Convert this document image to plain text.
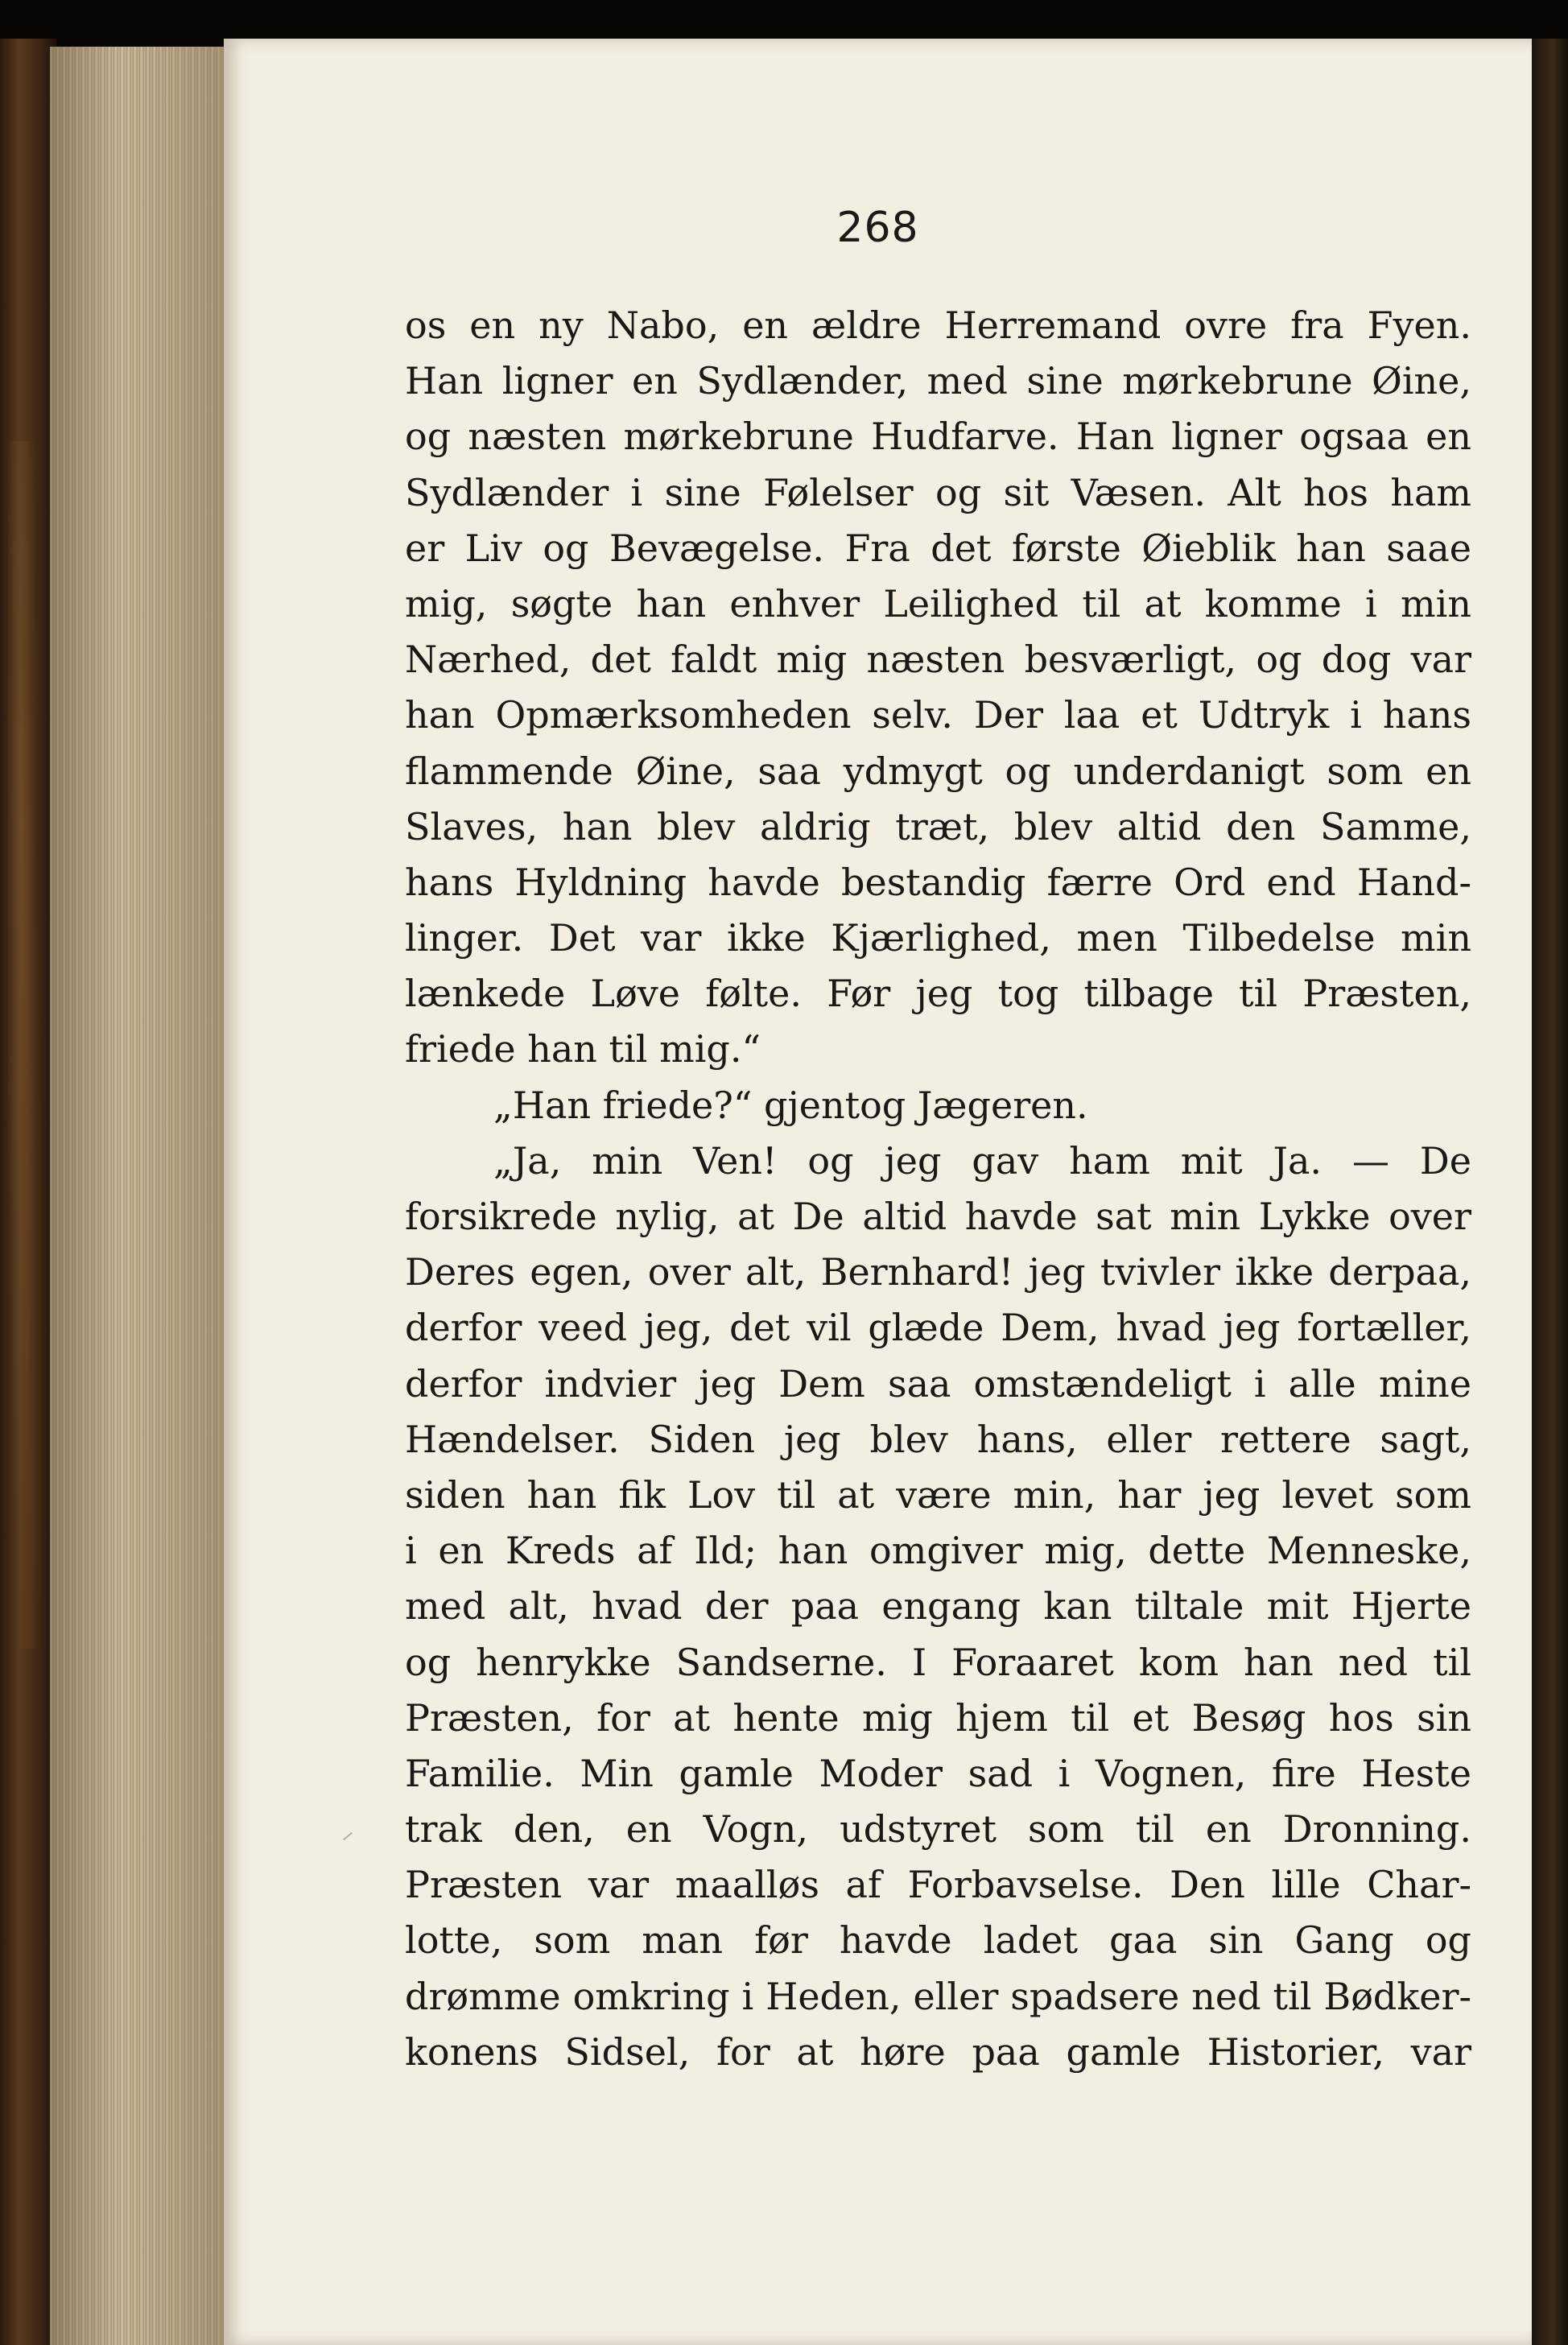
268
os en ny Nabo, en ældre Herremand ovre fra Fyen.
Han ligner en Sydlænder, med sine mørkebrune Øine,
og næsten mørkebrune Hudfarve. Han ligner ogsaa en
Sydlænder i sine Følelser og sit Væsen. Alt hos ham
er Liv og Bevægelse. Fra det første Øieblik han saae
mig, søgte han enhver Leilighed til at komme i min
Nærhed, det faldt mig næsten besværligt, og dog var
han Opmærksomheden selv. Der laa et Udtryk i hans
flammende Øine, saa ydmygt og underdanigt som en
Slaves, han blev aldrig træt, blev altid den Samme,
hans Hyldning havde bestandig færre Ord end Hand-
linger. Det var ikke Kjærlighed, men Tilbedelse min
lænkede Løve følte. Før jeg tog tilbage til Præsten,
friede han til mig.“
„Han friede?“ gjentog Jægeren.
„Ja, min Ven! og jeg gav ham mit Ja. — De
forsikrede nylig, at De altid havde sat min Lykke over
Deres egen, over alt, Bernhard! jeg tvivler ikke derpaa,
derfor veed jeg, det vil glæde Dem, hvad jeg fortæller,
derfor indvier jeg Dem saa omstændeligt i alle mine
Hændelser. Siden jeg blev hans, eller rettere sagt,
siden han fik Lov til at være min, har jeg levet som
i en Kreds af Ild; han omgiver mig, dette Menneske,
med alt, hvad der paa engang kan tiltale mit Hjerte
og henrykke Sandserne. I Foraaret kom han ned til
Præsten, for at hente mig hjem til et Besøg hos sin
Familie. Min gamle Moder sad i Vognen, fire Heste
trak den, en Vogn, udstyret som til en Dronning.
Præsten var maalløs af Forbavselse. Den lille Char-
lotte, som man før havde ladet gaa sin Gang og
drømme omkring i Heden, eller spadsere ned til Bødker-
konens Sidsel, for at høre paa gamle Historier, var
